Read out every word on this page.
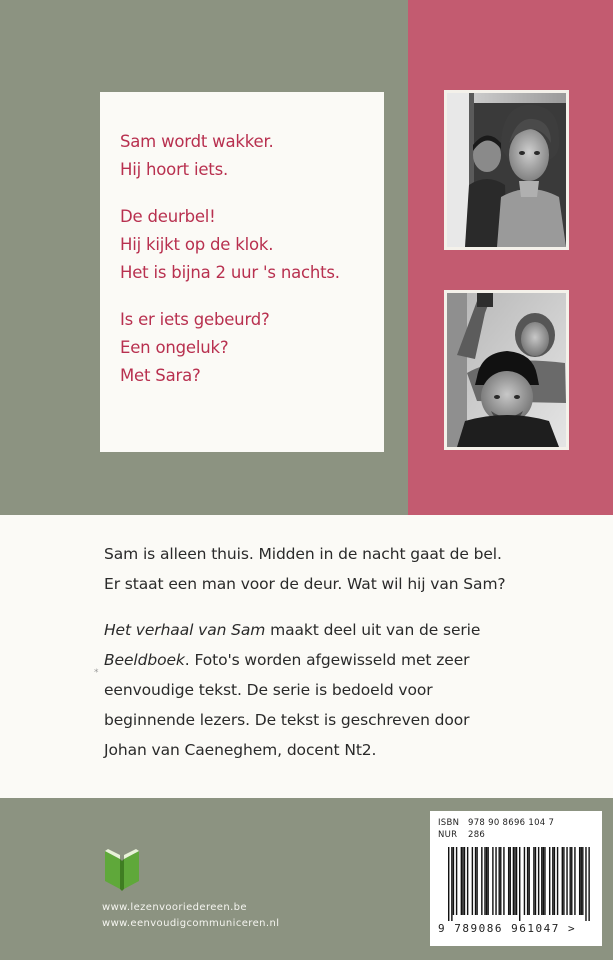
Sam wordt wakker.
Hij hoort iets.
De deurbel!
Hij kijkt op de klok.
Het is bijna 2 uur 's nachts.
Is er iets gebeurd?
Een ongeluk?
Met Sara?
Sam is alleen thuis. Midden in de nacht gaat de bel.
Er staat een man voor de deur. Wat wil hij van Sam?
Het verhaal van Sam maakt deel uit van de serie
Beeldboek. Foto's worden afgewisseld met zeer
eenvoudige tekst. De serie is bedoeld voor
beginnende lezers. De tekst is geschreven door
Johan van Caeneghem, docent Nt2.
*
www.lezenvooriedereen.be
www.eenvoudigcommuniceren.nl
ISBN 978 90 8696 104 7
NUR 286
9 789086 961047 >
